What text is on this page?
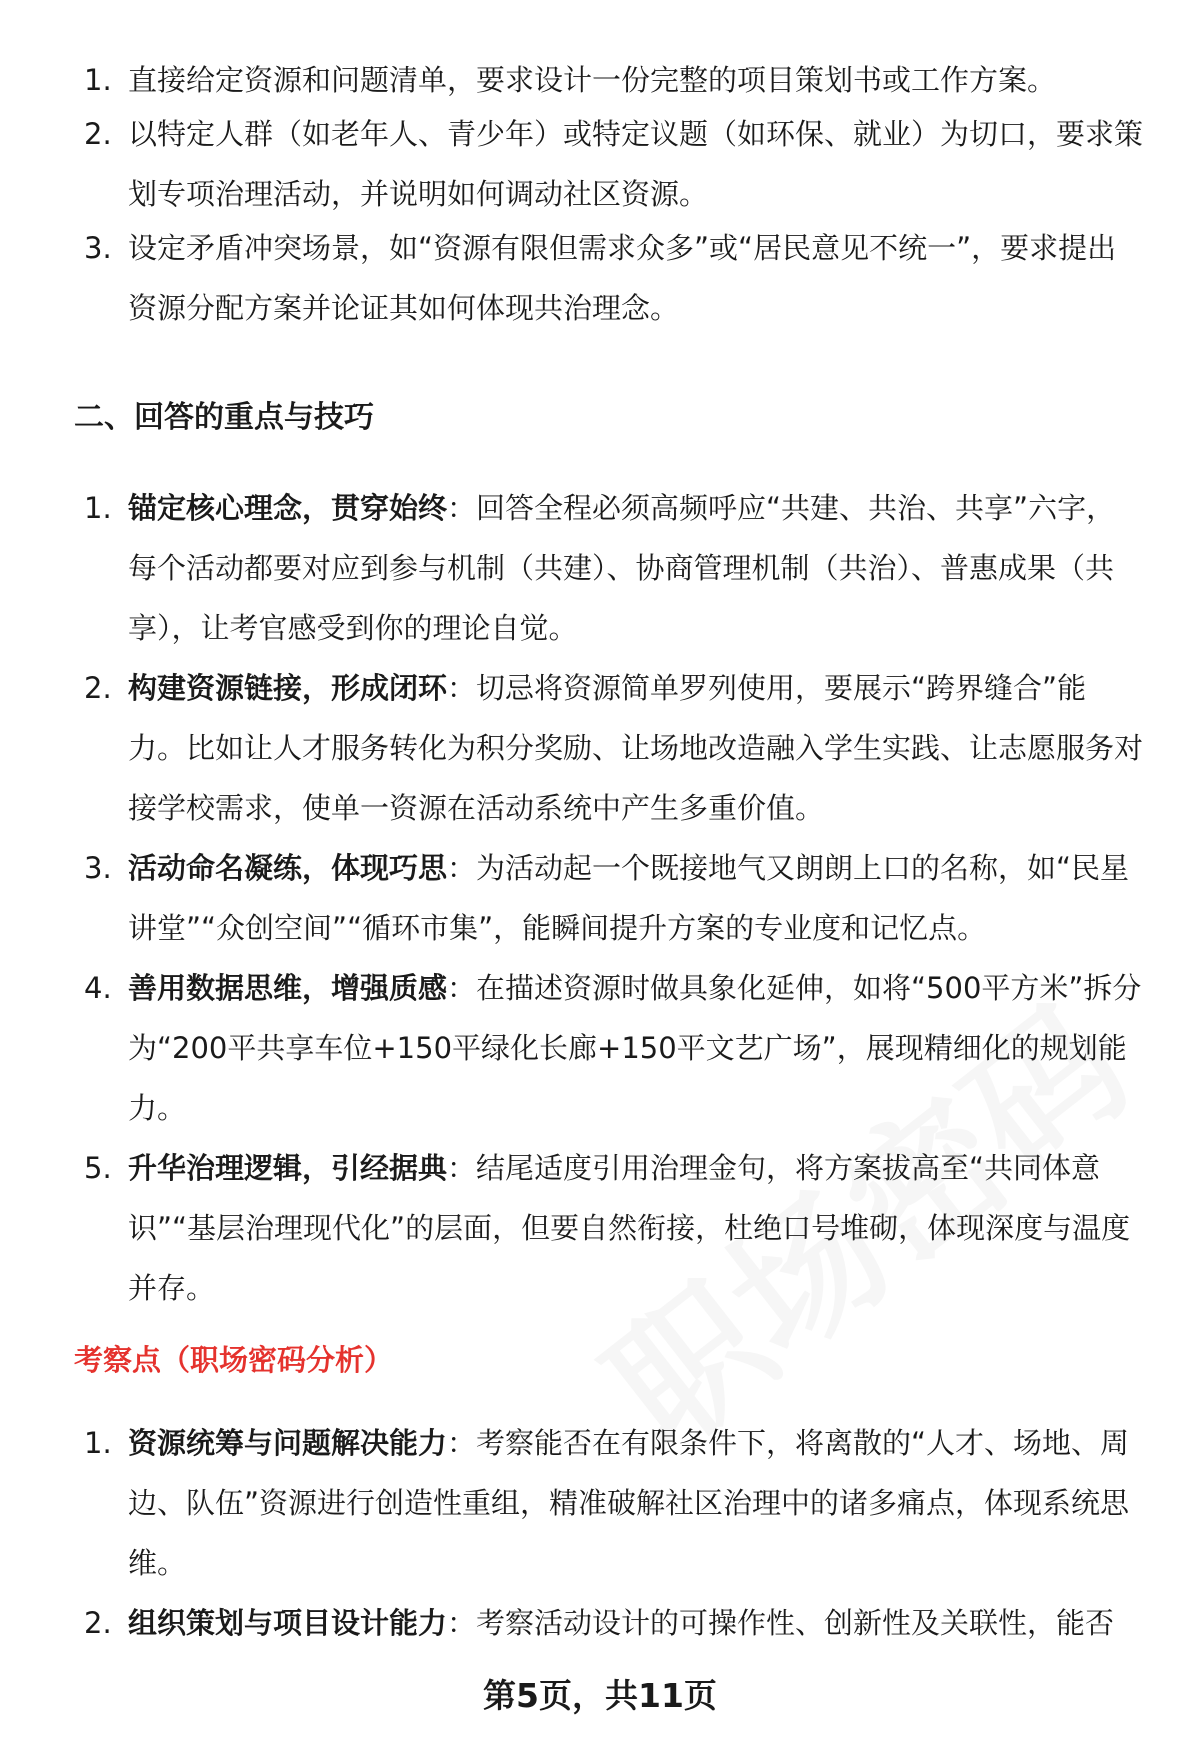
1. 直接给定资源和问题清单，要求设计一份完整的项目策划书或工作方案。
2. 以特定人群（如老年人、青少年）或特定议题（如环保、就业）为切口，要求策划专项治理活动，并说明如何调动社区资源。
3. 设定矛盾冲突场景，如“资源有限但需求众多”或“居民意见不统一”，要求提出资源分配方案并论证其如何体现共治理念。
二、回答的重点与技巧
1. 锚定核心理念，贯穿始终：回答全程必须高频呼应“共建、共治、共享”六字，每个活动都要对应到参与机制（共建）、协商管理机制（共治）、普惠成果（共享），让考官感受到你的理论自觉。
2. 构建资源链接，形成闭环：切忌将资源简单罗列使用，要展示“跨界缝合”能力。比如让人才服务转化为积分奖励、让场地改造融入学生实践、让志愿服务对接学校需求，使单一资源在活动系统中产生多重价值。
3. 活动命名凝练，体现巧思：为活动起一个既接地气又朗朗上口的名称，如“民星讲堂”“众创空间”“循环市集”，能瞬间提升方案的专业度和记忆点。
4. 善用数据思维，增强质感：在描述资源时做具象化延伸，如将“500平方米”拆分为“200平共享车位+150平绿化长廊+150平文艺广场”，展现精细化的规划能力。
5. 升华治理逻辑，引经据典：结尾适度引用治理金句，将方案拔高至“共同体意识”“基层治理现代化”的层面，但要自然衔接，杜绝口号堆砌，体现深度与温度并存。
考察点（职场密码分析）
1. 资源统筹与问题解决能力：考察能否在有限条件下，将离散的“人才、场地、周边、队伍”资源进行创造性重组，精准破解社区治理中的诸多痛点，体现系统思维。
2. 组织策划与项目设计能力：考察活动设计的可操作性、创新性及关联性，能否
第5页，共11页
